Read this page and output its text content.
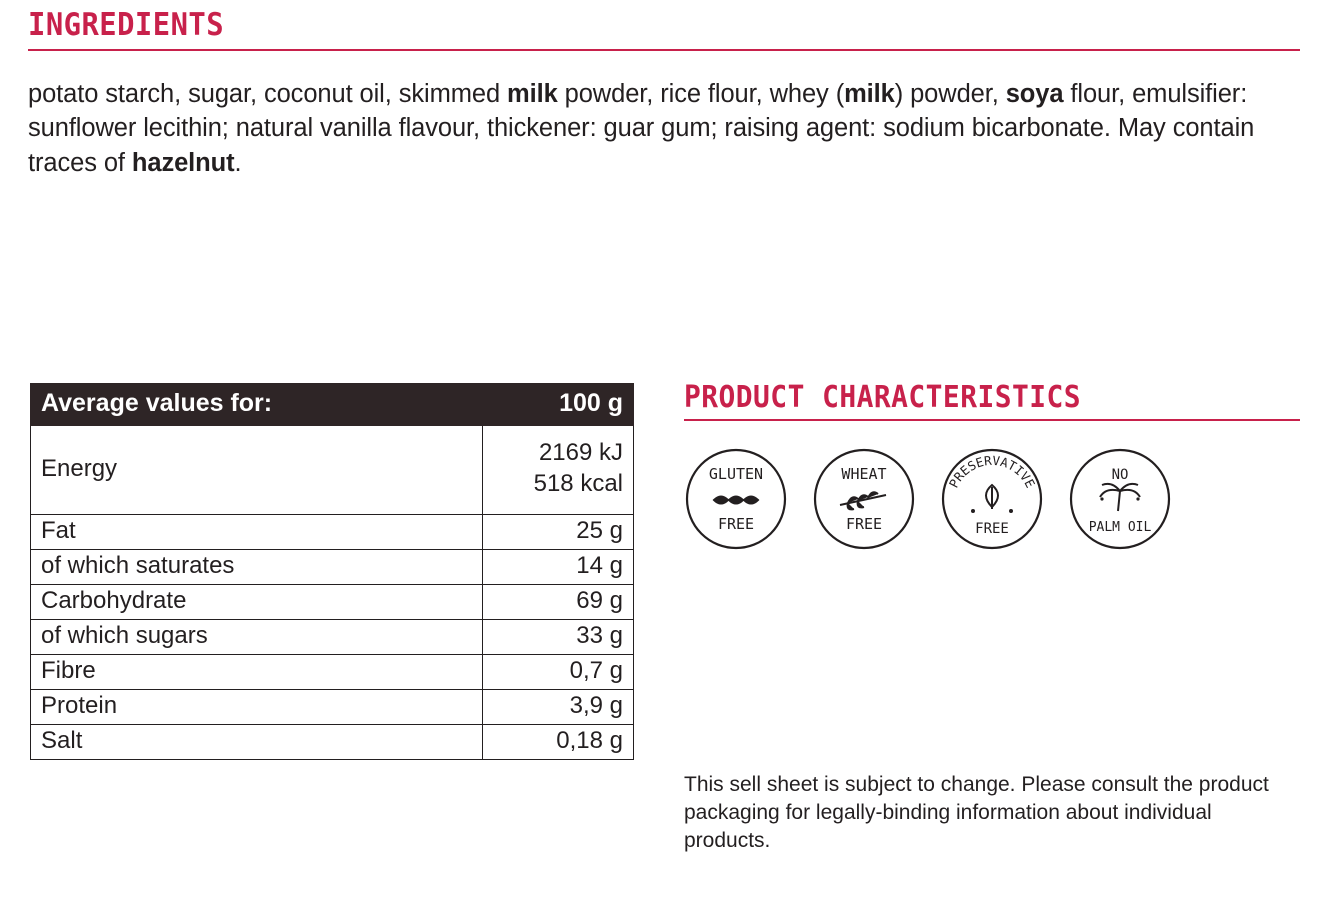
INGREDIENTS

potato starch, sugar, coconut oil, skimmed milk powder, rice flour, whey (milk) powder, soya flour, emulsifier: sunflower lecithin; natural vanilla flavour, thickener: guar gum; raising agent: sodium bicarbonate. May contain traces of hazelnut.

Average values for:	100 g
Energy	2169 kJ
518 kcal

Fat	25 g
of which saturates	14 g
Carbohydrate	69 g
of which sugars	33 g
Fibre	0,7 g
Protein	3,9 g
Salt	0,18 g
PRODUCT CHARACTERISTICS
GLUTEN
FREE
WHEAT
FREE
PRESERVATIVE
FREE
NO
PALM OIL

This sell sheet is subject to change. Please consult the product packaging for legally-binding information about individual products.
